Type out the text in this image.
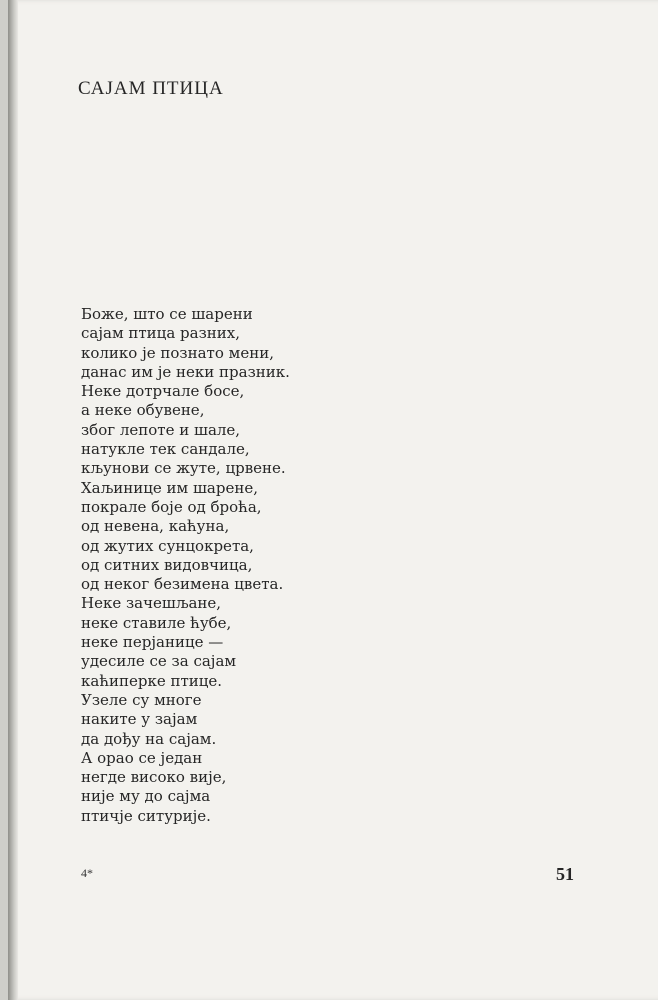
САЈАМ ПТИЦА
Боже, што се шарени
сајам птица разних,
колико је познато мени,
данас им је неки празник.
Неке дотрчале босе,
а неке обувене,
због лепоте и шале,
натукле тек сандале,
кљунови се жуте, црвене.
Хаљинице им шарене,
покрале боје од броћа,
од невена, каћуна,
од жутих сунцокрета,
од ситних видовчица,
од неког безимена цвета.
Неке зачешљане,
неке ставиле ћубе,
неке перјанице —
удесиле се за сајам
каћиперке птице.
Узеле су многе
наките у зајам
да дођу на сајам.
А орао се један
негде високо вије,
није му до сајма
птичје ситурије.
4*	51
